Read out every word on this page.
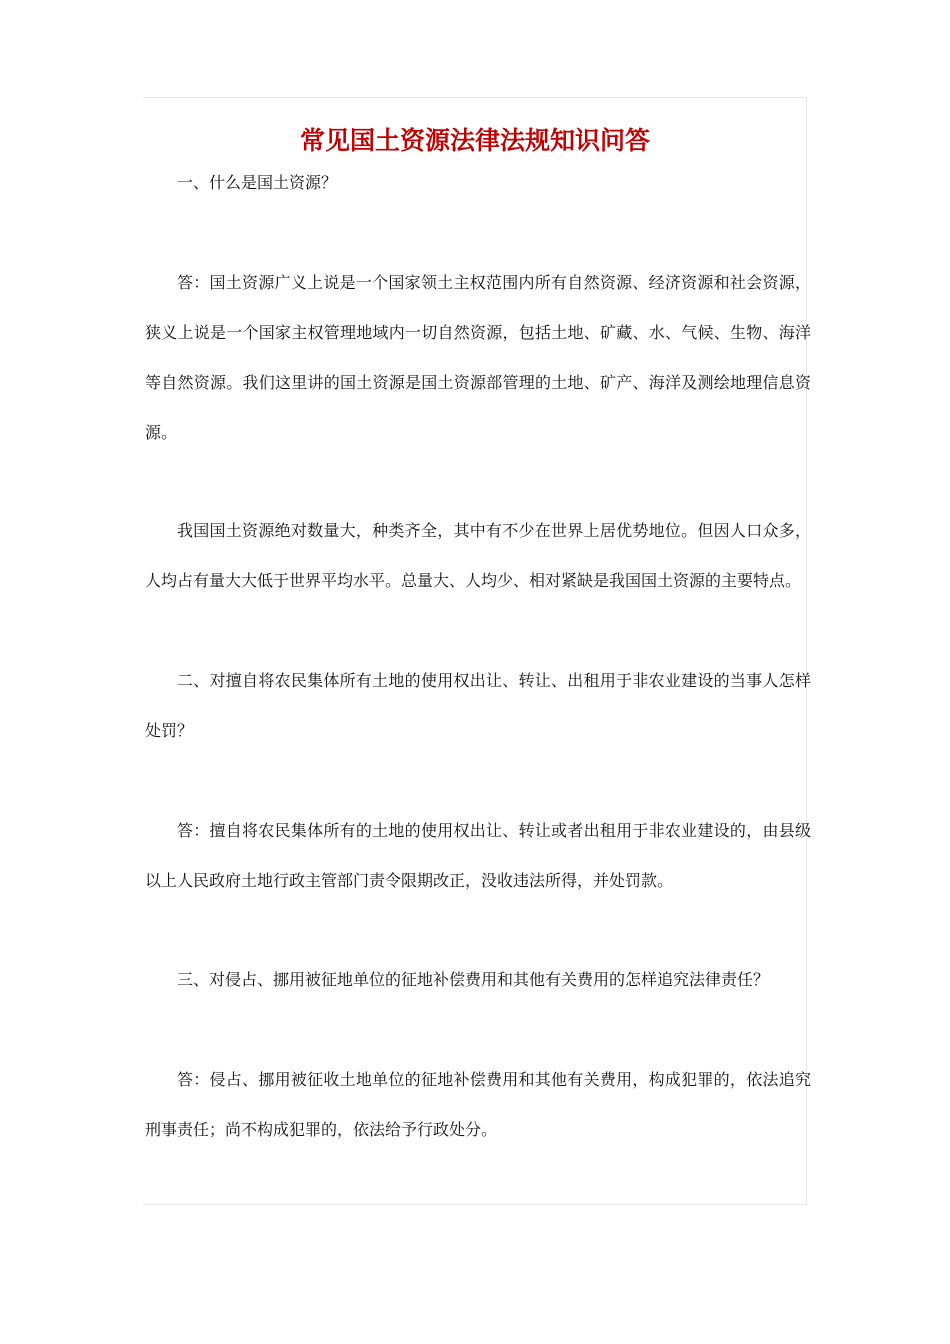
常见国土资源法律法规知识问答

一、什么是国土资源？

答：国土资源广义上说是一个国家领土主权范围内所有自然资源、经济资源和社会资源，狭义上说是一个国家主权管理地域内一切自然资源，包括土地、矿藏、水、气候、生物、海洋等自然资源。我们这里讲的国土资源是国土资源部管理的土地、矿产、海洋及测绘地理信息资源。

我国国土资源绝对数量大，种类齐全，其中有不少在世界上居优势地位。但因人口众多，人均占有量大大低于世界平均水平。总量大、人均少、相对紧缺是我国国土资源的主要特点。

二、对擅自将农民集体所有土地的使用权出让、转让、出租用于非农业建设的当事人怎样处罚？

答：擅自将农民集体所有的土地的使用权出让、转让或者出租用于非农业建设的，由县级以上人民政府土地行政主管部门责令限期改正，没收违法所得，并处罚款。

三、对侵占、挪用被征地单位的征地补偿费用和其他有关费用的怎样追究法律责任？

答：侵占、挪用被征收土地单位的征地补偿费用和其他有关费用，构成犯罪的，依法追究刑事责任；尚不构成犯罪的，依法给予行政处分。
